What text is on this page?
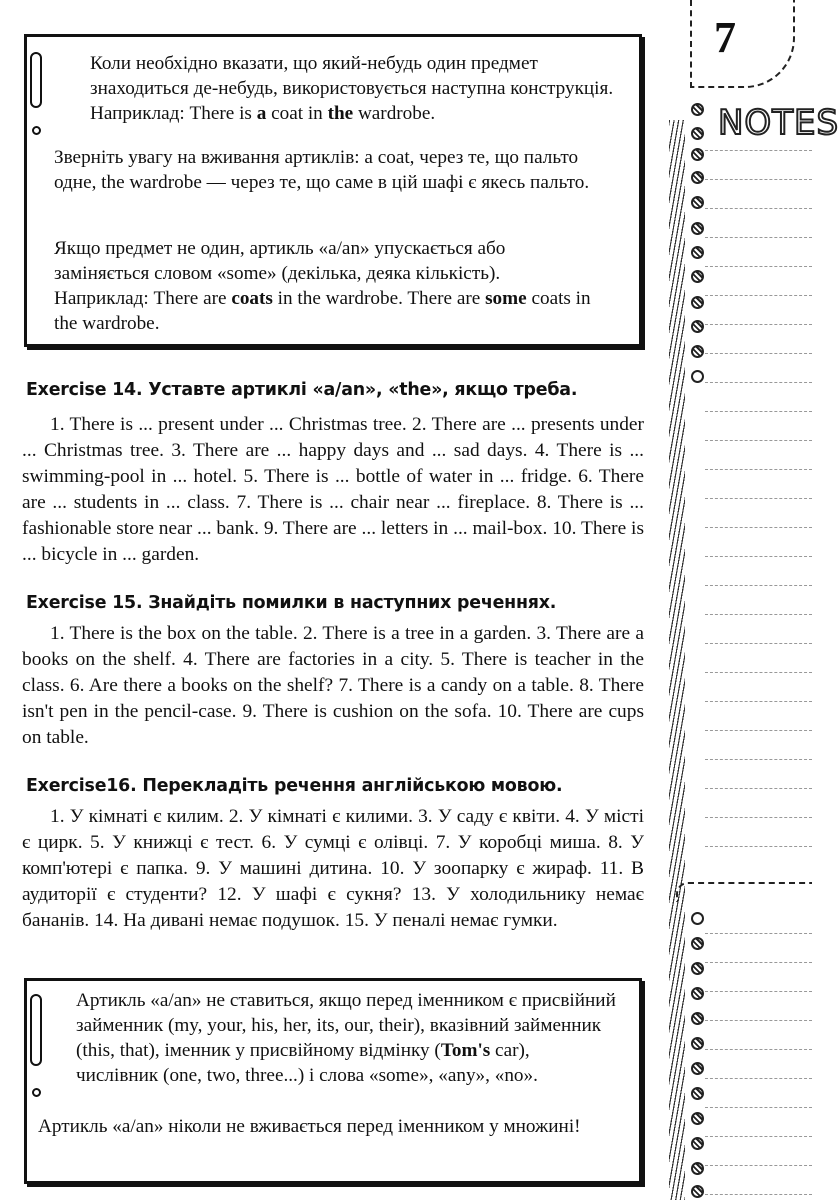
Коли необхідно вказати, що який-небудь один предмет знаходиться де-небудь, використовується наступна конструкція. Наприклад: There is a coat in the wardrobe.

Зверніть увагу на вживання артиклів: a coat, через те, що пальто одне, the wardrobe — через те, що саме в цій шафі є якесь пальто.

Якщо предмет не один, артикль «a/an» упускається або заміняється словом «some» (декілька, деяка кількість). Наприклад: There are coats in the wardrobe. There are some coats in the wardrobe.

Exercise 14. Уставте артиклі «a/an», «the», якщо треба.

1. There is ... present under ... Christmas tree. 2. There are ... presents under ... Christmas tree. 3. There are ... happy days and ... sad days. 4. There is ... swimming-pool in ... hotel. 5. There is ... bottle of water in ... fridge. 6. There are ... students in ... class. 7. There is ... chair near ... fireplace. 8. There is ... fashionable store near ... bank. 9. There are ... letters in ... mail-box. 10. There is ... bicycle in ... garden.

Exercise 15. Знайдіть помилки в наступних реченнях.

1. There is the box on the table. 2. There is a tree in a garden. 3. There are a books on the shelf. 4. There are factories in a city. 5. There is teacher in the class. 6. Are there a books on the shelf? 7. There is a candy on a table. 8. There isn't pen in the pencil-case. 9. There is cushion on the sofa. 10. There are cups on table.

Exercise16. Перекладіть речення англійською мовою.

1. У кімнаті є килим. 2. У кімнаті є килими. 3. У саду є квіти. 4. У місті є цирк. 5. У книжці є тест. 6. У сумці є олівці. 7. У коробці миша. 8. У комп'ютері є папка. 9. У машині дитина. 10. У зоопарку є жираф. 11. В аудиторії є студенти? 12. У шафі є сукня? 13. У холодильнику немає бананів. 14. На дивані немає подушок. 15. У пеналі немає гумки.

Артикль «a/an» не ставиться, якщо перед іменником є присвійний займенник (my, your, his, her, its, our, their), вказівний займенник (this, that), іменник у присвійному відмінку (Tom's car), числівник (one, two, three...) і слова «some», «any», «no».

Артикль «a/an» ніколи не вживається перед іменником у множині!

7
NOTES
